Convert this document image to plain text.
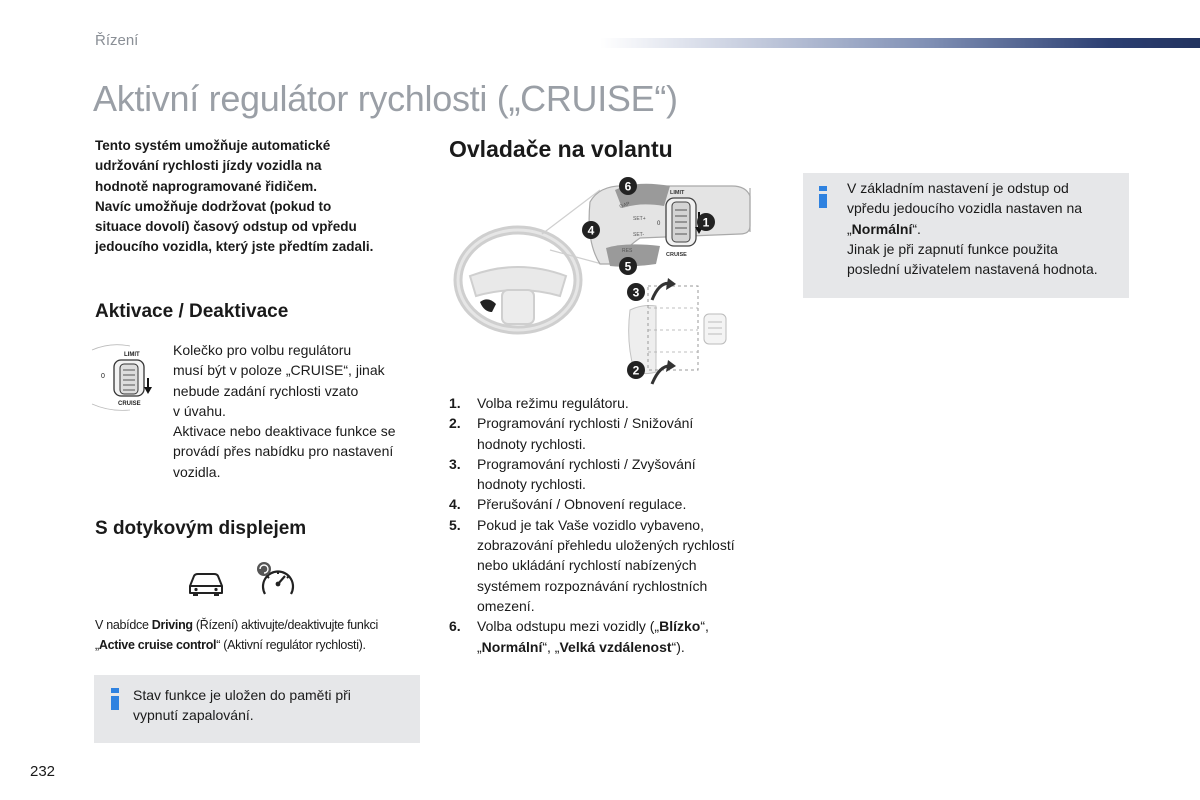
Řízení
Aktivní regulátor rychlosti („CRUISE“)
Tento systém umožňuje automatické
udržování rychlosti jízdy vozidla na
hodnotě naprogramované řidičem.
Navíc umožňuje dodržovat (pokud to
situace dovolí) časový odstup od vpředu
jedoucího vozidla, který jste předtím zadali.
Aktivace / Deaktivace
LIMIT
0
CRUISE
Kolečko pro volbu regulátoru
musí být v poloze „CRUISE“, jinak
nebude zadání rychlosti vzato
v úvahu.
Aktivace nebo deaktivace funkce se
provádí přes nabídku pro nastavení
vozidla.
S dotykovým displejem
V nabídce Driving (Řízení) aktivujte/deaktivujte funkci
„Active cruise control“ (Aktivní regulátor rychlosti).
Stav funkce je uložen do paměti při
vypnutí zapalování.
Ovladače na volantu
LIMIT
0
CRUISE
GAP
SET+
SET-
RES
6
1
4
5
3
2
1. Volba režimu regulátoru.
2. Programování rychlosti / Snižování
hodnoty rychlosti.
3. Programování rychlosti / Zvyšování
hodnoty rychlosti.
4. Přerušování / Obnovení regulace.
5. Pokud je tak Vaše vozidlo vybaveno,
zobrazování přehledu uložených rychlostí
nebo ukládání rychlostí nabízených
systémem rozpoznávání rychlostních
omezení.
6. Volba odstupu mezi vozidly („Blízko“,
„Normální“, „Velká vzdálenost“).
V základním nastavení je odstup od
vpředu jedoucího vozidla nastaven na
„Normální“.
Jinak je při zapnutí funkce použita
poslední uživatelem nastavená hodnota.
232
